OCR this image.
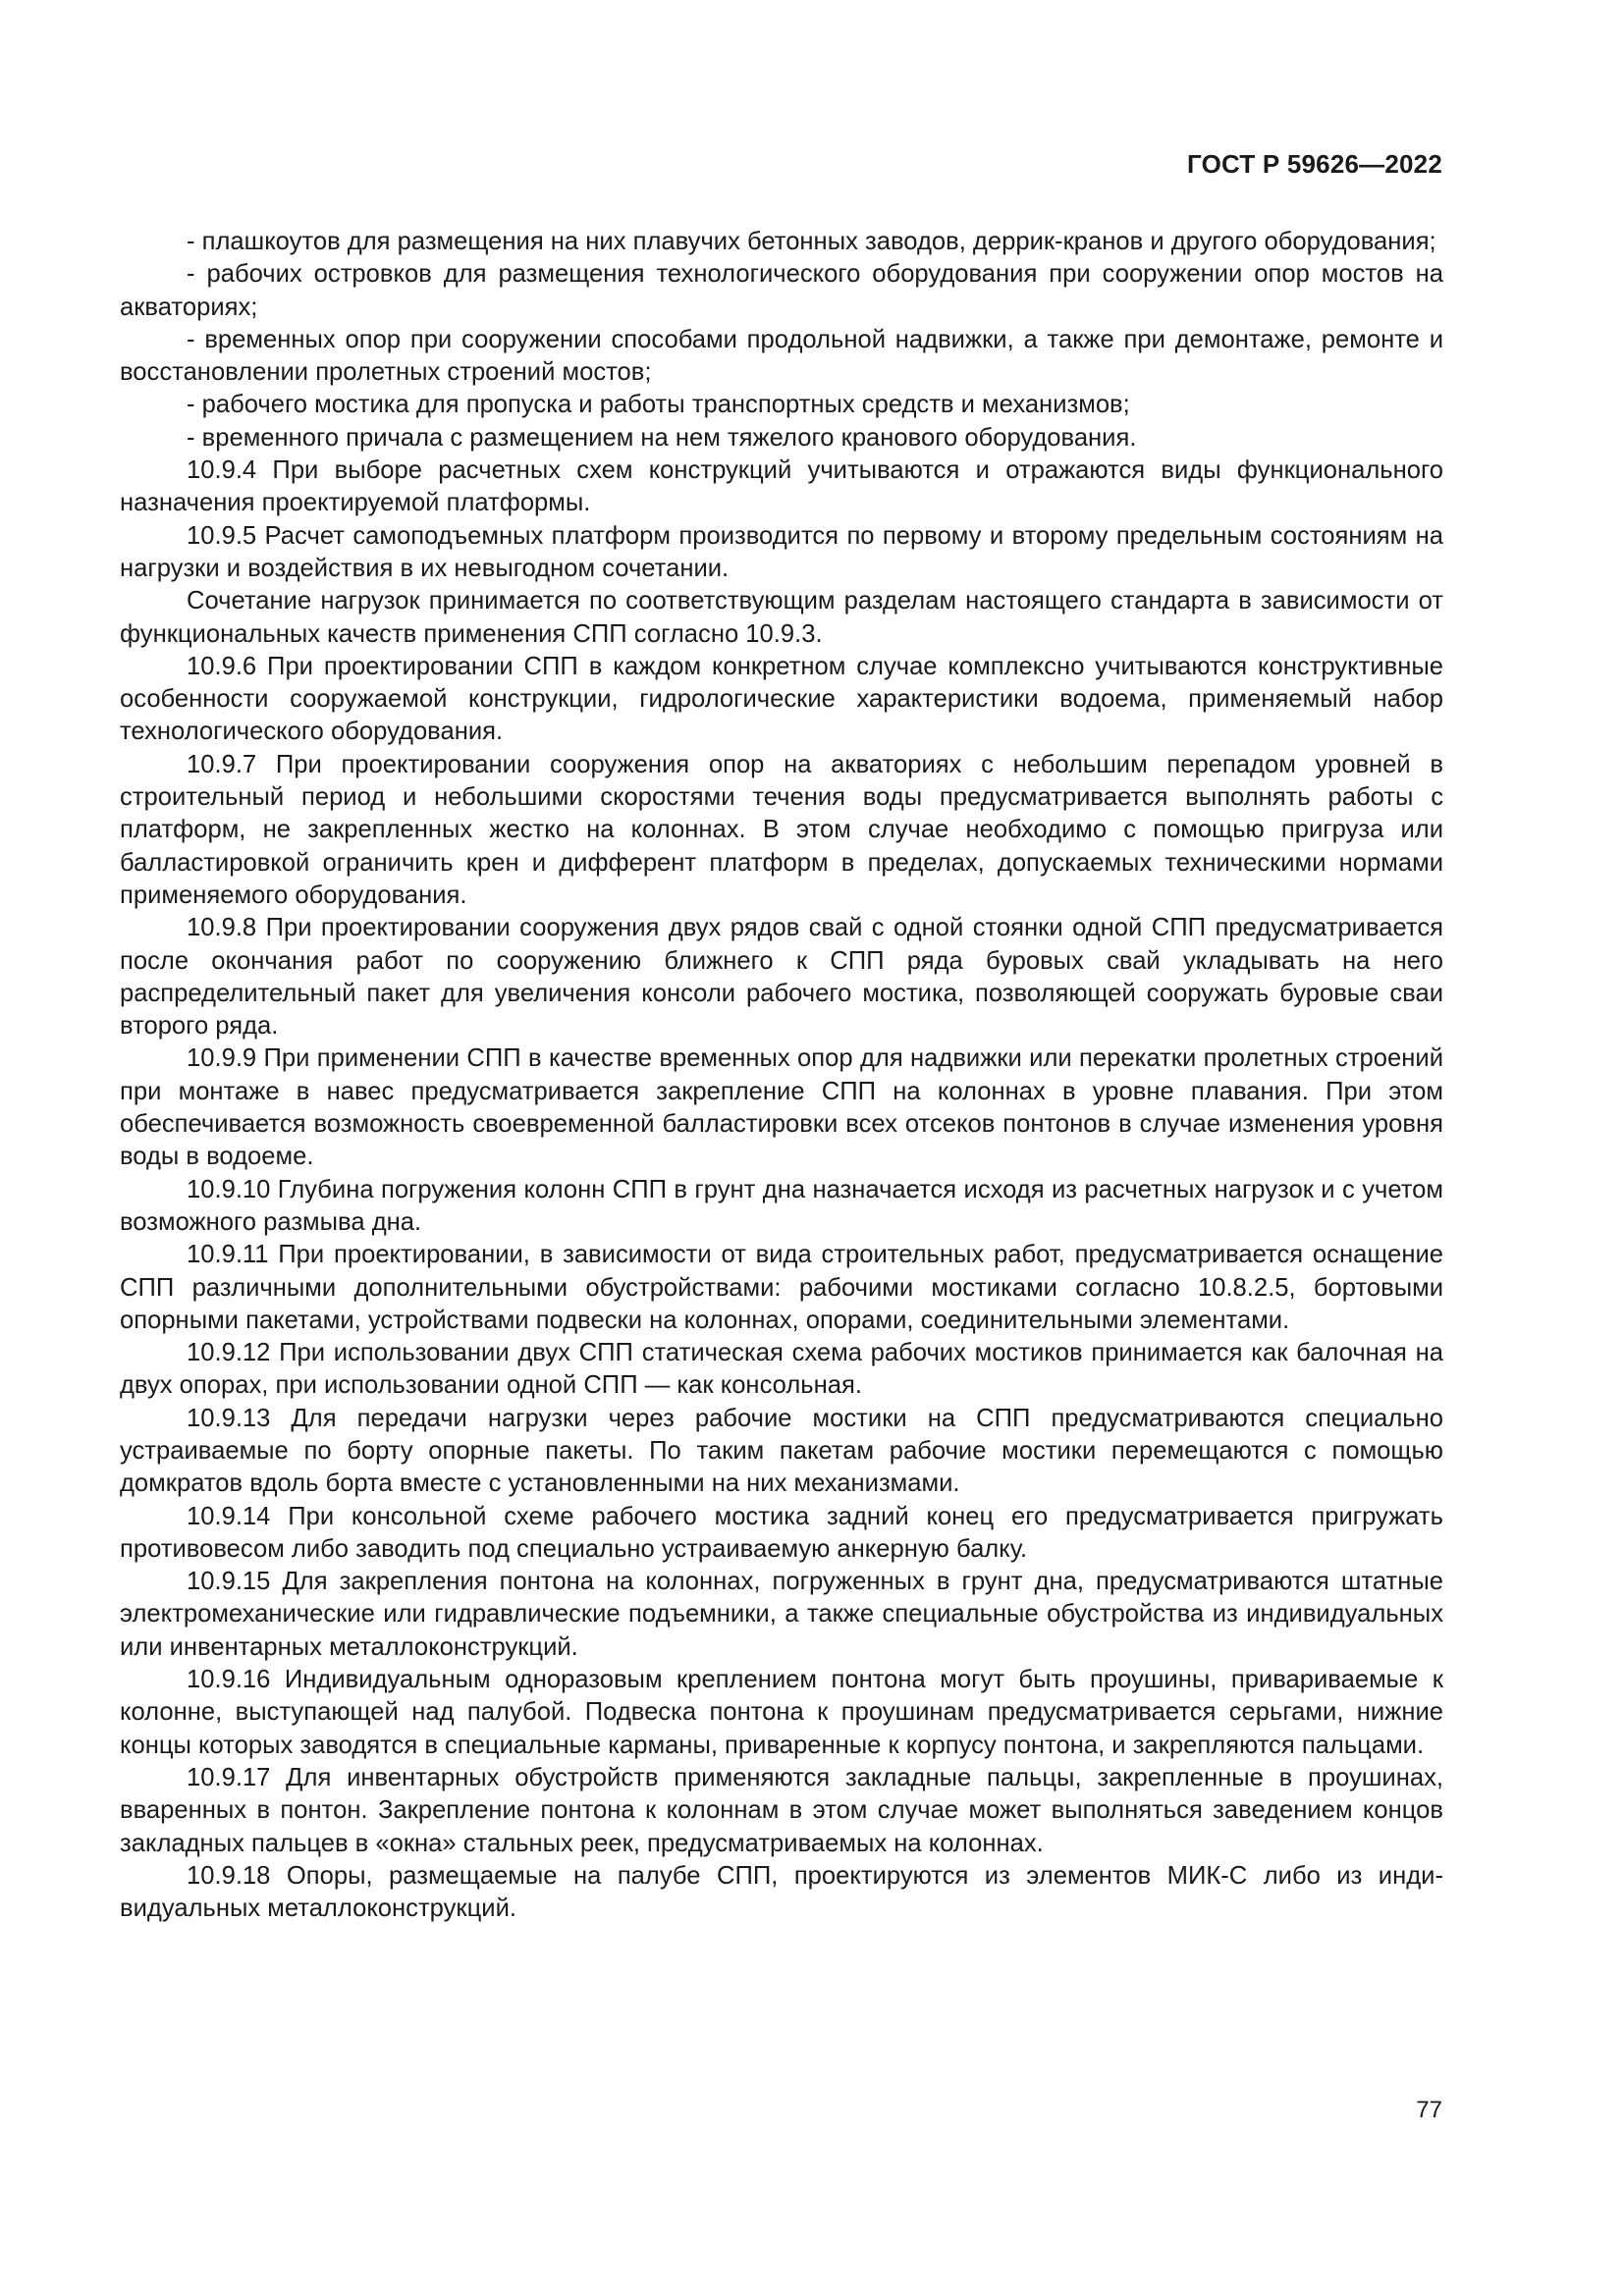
ГОСТ Р 59626—2022

- плашкоутов для размещения на них плавучих бетонных заводов, деррик-кранов и другого оборудования;

- рабочих островков для размещения технологического оборудования при сооружении опор мостов на акваториях;

- временных опор при сооружении способами продольной надвижки, а также при демонтаже, ремонте и восстановлении пролетных строений мостов;

- рабочего мостика для пропуска и работы транспортных средств и механизмов;

- временного причала с размещением на нем тяжелого кранового оборудования.

10.9.4 При выборе расчетных схем конструкций учитываются и отражаются виды функционального назначения проектируемой платформы.

10.9.5 Расчет самоподъемных платформ производится по первому и второму предельным состояниям на нагрузки и воздействия в их невыгодном сочетании.

Сочетание нагрузок принимается по соответствующим разделам настоящего стандарта в зависимости от функциональных качеств применения СПП согласно 10.9.3.

10.9.6 При проектировании СПП в каждом конкретном случае комплексно учитываются конструктивные особенности сооружаемой конструкции, гидрологические характеристики водоема, применяемый набор технологического оборудования.

10.9.7 При проектировании сооружения опор на акваториях с небольшим перепадом уровней в строительный период и небольшими скоростями течения воды предусматривается выполнять работы с платформ, не закрепленных жестко на колоннах. В этом случае необходимо с помощью пригруза или балластировкой ограничить крен и дифферент платформ в пределах, допускаемых техническими нормами применяемого оборудования.

10.9.8 При проектировании сооружения двух рядов свай с одной стоянки одной СПП предусматривается после окончания работ по сооружению ближнего к СПП ряда буровых свай укладывать на него распределительный пакет для увеличения консоли рабочего мостика, позволяющей сооружать буровые сваи второго ряда.

10.9.9 При применении СПП в качестве временных опор для надвижки или перекатки пролетных строений при монтаже в навес предусматривается закрепление СПП на колоннах в уровне плавания. При этом обеспечивается возможность своевременной балластировки всех отсеков понтонов в случае изменения уровня воды в водоеме.

10.9.10 Глубина погружения колонн СПП в грунт дна назначается исходя из расчетных нагрузок и с учетом возможного размыва дна.

10.9.11 При проектировании, в зависимости от вида строительных работ, предусматривается оснащение СПП различными дополнительными обустройствами: рабочими мостиками согласно 10.8.2.5, бортовыми опорными пакетами, устройствами подвески на колоннах, опорами, соединительными элементами.

10.9.12 При использовании двух СПП статическая схема рабочих мостиков принимается как балочная на двух опорах, при использовании одной СПП — как консольная.

10.9.13 Для передачи нагрузки через рабочие мостики на СПП предусматриваются специально устраиваемые по борту опорные пакеты. По таким пакетам рабочие мостики перемещаются с помощью домкратов вдоль борта вместе с установленными на них механизмами.

10.9.14 При консольной схеме рабочего мостика задний конец его предусматривается пригружать противовесом либо заводить под специально устраиваемую анкерную балку.

10.9.15 Для закрепления понтона на колоннах, погруженных в грунт дна, предусматриваются штатные электромеханические или гидравлические подъемники, а также специальные обустройства из индивидуальных или инвентарных металлоконструкций.

10.9.16 Индивидуальным одноразовым креплением понтона могут быть проушины, привариваeмые к колонне, выступающей над палубой. Подвеска понтона к проушинам предусматривается серьгами, нижние концы которых заводятся в специальные карманы, приваренные к корпусу понтона, и закрепляются пальцами.

10.9.17 Для инвентарных обустройств применяются закладные пальцы, закрепленные в проушинах, вваренных в понтон. Закрепление понтона к колоннам в этом случае может выполняться заведением концов закладных пальцев в «окна» стальных реек, предусматриваемых на колоннах.

10.9.18 Опоры, размещаемые на палубе СПП, проектируются из элементов МИК-С либо из индивидуальных металлоконструкций.

77
